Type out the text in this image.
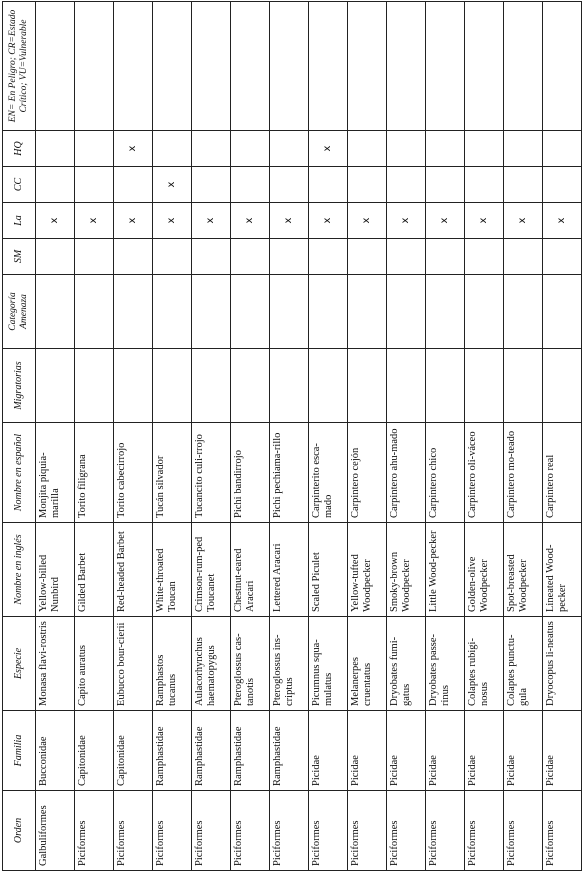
Orden	Familia	Especie	Nombre en inglés	Nombre en español	Migratorias	Categoría Amenaza	SM	La	CC	HQ	EN= En Peligro; CR=Estado Crítico; VU=Vulnerable
Galbuliformes	Bucconidae	Monasa flavi-rostris	Yellow-billed Nunbird	Monjita piquia-marilla				x			
Piciformes	Capitonidae	Capito auratus	Gilded Barbet	Torito filigrana				x			
Piciformes	Capitonidae	Eubucco bour-cierii	Red-headed Barbet	Torito cabecirrojo				x		x	
Piciformes	Ramphastidae	Ramphastos tucanus	White-throated Toucan	Tucán silvador				x	x		
Piciformes	Ramphastidae	Aulacorhynchus haematopygus	Crimson-rum-ped Toucanet	Tucancito culi-rrojo				x			
Piciformes	Ramphastidae	Pteroglossus cas-tanotis	Chestnut-eared Aracari	Pichi bandirrojo				x			
Piciformes	Ramphastidae	Pteroglossus ins-criptus	Lettered Aracari	Pichi pechiama-rillo				x			
Piciformes	Picidae	Picumnus squa-mulatus	Scaled Piculet	Carpinterito esca-mado				x		x	
Piciformes	Picidae	Melanerpes cruentatus	Yellow-tufted Woodpecker	Carpintero cejón				x			
Piciformes	Picidae	Dryobates fumi-gatus	Smoky-brown Woodpecker	Carpintero ahu-mado				x			
Piciformes	Picidae	Dryobates passe-rinus	Little Wood-pecker	Carpintero chico				x			
Piciformes	Picidae	Colaptes rubigi-nosus	Golden-olive Woodpecker	Carpintero oli-váceo				x			
Piciformes	Picidae	Colaptes punctu-gula	Spot-breasted Woodpecker	Carpintero mo-teado				x			
Piciformes	Picidae	Dryocopus li-neatus	Lineated Wood-pecker	Carpintero real				x			
